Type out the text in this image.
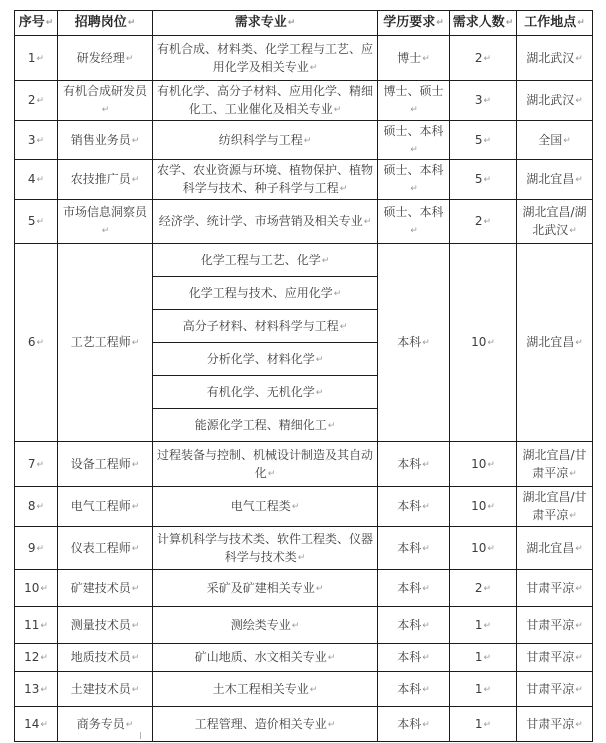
序号↵	招聘岗位↵	需求专业↵	学历要求↵	需求人数↵	工作地点↵
1↵	研发经理↵	有机合成、材料类、化学工程与工艺、应用化学及相关专业↵	博士↵	2↵	湖北武汉↵
2↵	有机合成研发员↵	有机化学、高分子材料、应用化学、精细化工、工业催化及相关专业↵	博士、硕士↵	3↵	湖北武汉↵
3↵	销售业务员↵	纺织科学与工程↵	硕士、本科↵	5↵	全国↵
4↵	农技推广员↵	农学、农业资源与环境、植物保护、植物科学与技术、种子科学与工程↵	硕士、本科↵	5↵	湖北宜昌↵
5↵	市场信息洞察员↵	经济学、统计学、市场营销及相关专业↵	硕士、本科↵	2↵	湖北宜昌/湖北武汉↵
6↵	工艺工程师↵	化学工程与工艺、化学↵	本科↵	10↵	湖北宜昌↵
		化学工程与技术、应用化学↵			
		高分子材料、材料科学与工程↵			
		分析化学、材料化学↵			
		有机化学、无机化学↵			
		能源化学工程、精细化工↵			
7↵	设备工程师↵	过程装备与控制、机械设计制造及其自动化↵	本科↵	10↵	湖北宜昌/甘肃平凉↵
8↵	电气工程师↵	电气工程类↵	本科↵	10↵	湖北宜昌/甘肃平凉↵
9↵	仪表工程师↵	计算机科学与技术类、软件工程类、仪器科学与技术类↵	本科↵	10↵	湖北宜昌↵
10↵	矿建技术员↵	采矿及矿建相关专业↵	本科↵	2↵	甘肃平凉↵
11↵	测量技术员↵	测绘类专业↵	本科↵	1↵	甘肃平凉↵
12↵	地质技术员↵	矿山地质、水文相关专业↵	本科↵	1↵	甘肃平凉↵
13↵	土建技术员↵	土木工程相关专业↵	本科↵	1↵	甘肃平凉↵
14↵	商务专员↵	工程管理、造价相关专业↵	本科↵	1↵	甘肃平凉↵
